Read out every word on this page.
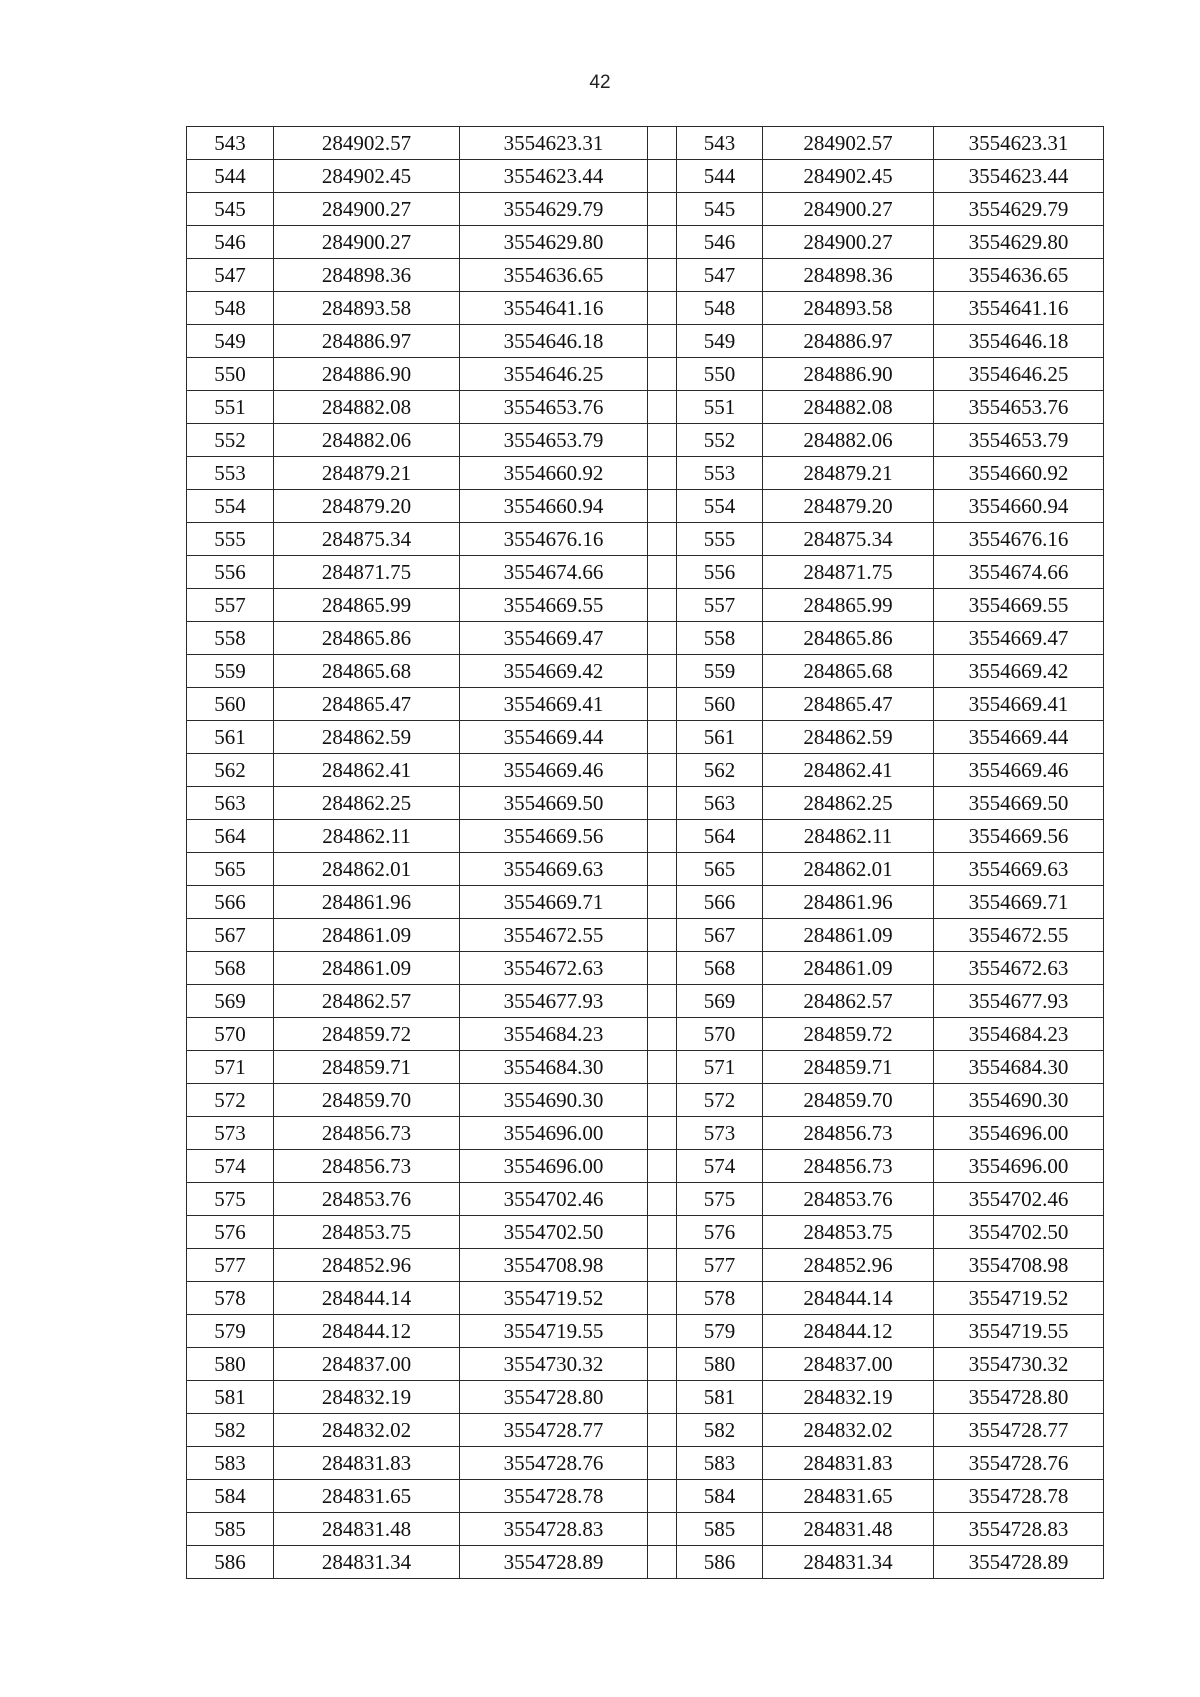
42
543	284902.57	3554623.31		543	284902.57	3554623.31
544	284902.45	3554623.44		544	284902.45	3554623.44
545	284900.27	3554629.79		545	284900.27	3554629.79
546	284900.27	3554629.80		546	284900.27	3554629.80
547	284898.36	3554636.65		547	284898.36	3554636.65
548	284893.58	3554641.16		548	284893.58	3554641.16
549	284886.97	3554646.18		549	284886.97	3554646.18
550	284886.90	3554646.25		550	284886.90	3554646.25
551	284882.08	3554653.76		551	284882.08	3554653.76
552	284882.06	3554653.79		552	284882.06	3554653.79
553	284879.21	3554660.92		553	284879.21	3554660.92
554	284879.20	3554660.94		554	284879.20	3554660.94
555	284875.34	3554676.16		555	284875.34	3554676.16
556	284871.75	3554674.66		556	284871.75	3554674.66
557	284865.99	3554669.55		557	284865.99	3554669.55
558	284865.86	3554669.47		558	284865.86	3554669.47
559	284865.68	3554669.42		559	284865.68	3554669.42
560	284865.47	3554669.41		560	284865.47	3554669.41
561	284862.59	3554669.44		561	284862.59	3554669.44
562	284862.41	3554669.46		562	284862.41	3554669.46
563	284862.25	3554669.50		563	284862.25	3554669.50
564	284862.11	3554669.56		564	284862.11	3554669.56
565	284862.01	3554669.63		565	284862.01	3554669.63
566	284861.96	3554669.71		566	284861.96	3554669.71
567	284861.09	3554672.55		567	284861.09	3554672.55
568	284861.09	3554672.63		568	284861.09	3554672.63
569	284862.57	3554677.93		569	284862.57	3554677.93
570	284859.72	3554684.23		570	284859.72	3554684.23
571	284859.71	3554684.30		571	284859.71	3554684.30
572	284859.70	3554690.30		572	284859.70	3554690.30
573	284856.73	3554696.00		573	284856.73	3554696.00
574	284856.73	3554696.00		574	284856.73	3554696.00
575	284853.76	3554702.46		575	284853.76	3554702.46
576	284853.75	3554702.50		576	284853.75	3554702.50
577	284852.96	3554708.98		577	284852.96	3554708.98
578	284844.14	3554719.52		578	284844.14	3554719.52
579	284844.12	3554719.55		579	284844.12	3554719.55
580	284837.00	3554730.32		580	284837.00	3554730.32
581	284832.19	3554728.80		581	284832.19	3554728.80
582	284832.02	3554728.77		582	284832.02	3554728.77
583	284831.83	3554728.76		583	284831.83	3554728.76
584	284831.65	3554728.78		584	284831.65	3554728.78
585	284831.48	3554728.83		585	284831.48	3554728.83
586	284831.34	3554728.89		586	284831.34	3554728.89
